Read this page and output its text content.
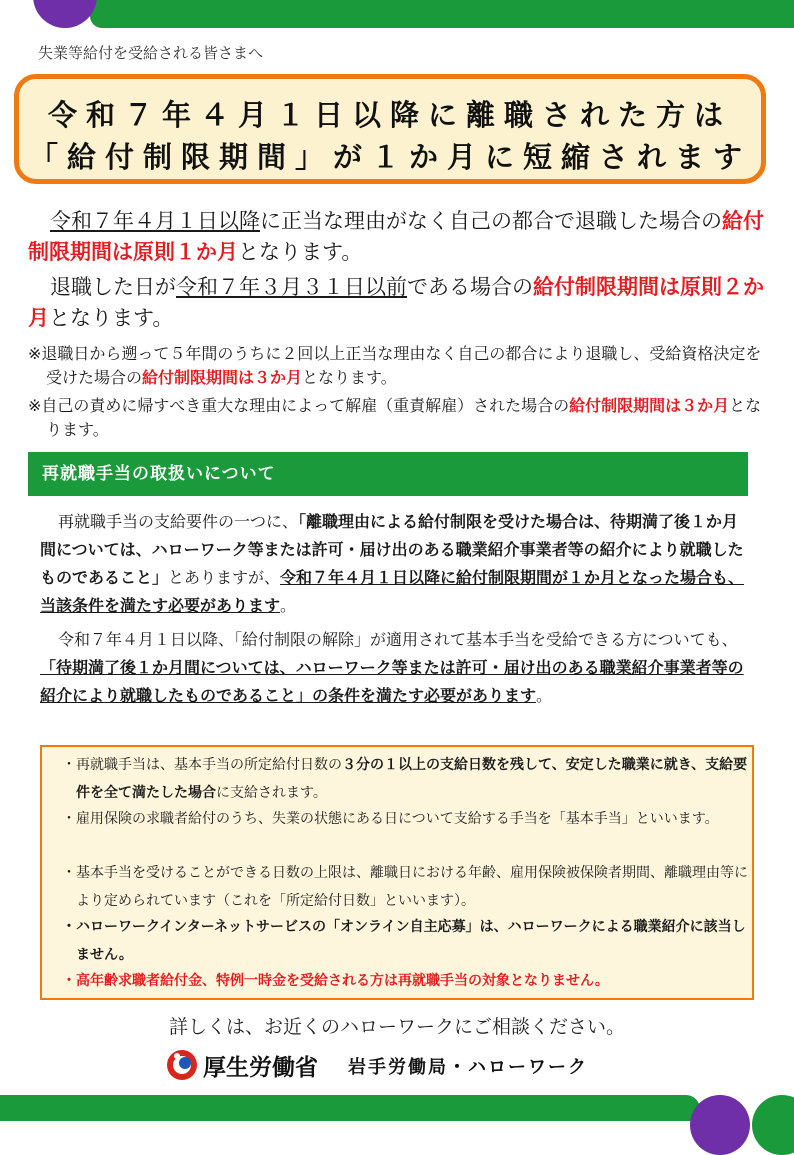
失業等給付を受給される皆さまへ
令和７年４月１日以降に離職された方は
「給付制限期間」が１か月に短縮されます
令和７年４月１日以降に正当な理由がなく自己の都合で退職した場合の給付制限期間は原則１か月となります。
退職した日が令和７年３月３１日以前である場合の給付制限期間は原則２か月となります。
※退職日から遡って５年間のうちに２回以上正当な理由なく自己の都合により退職し、受給資格決定を受けた場合の給付制限期間は３か月となります。
※自己の責めに帰すべき重大な理由によって解雇（重責解雇）された場合の給付制限期間は３か月となります。
再就職手当の取扱いについて
再就職手当の支給要件の一つに、「離職理由による給付制限を受けた場合は、待期満了後１か月間については、ハローワーク等または許可・届け出のある職業紹介事業者等の紹介により就職したものであること」とありますが、令和７年４月１日以降に給付制限期間が１か月となった場合も、当該条件を満たす必要があります。
令和７年４月１日以降、「給付制限の解除」が適用されて基本手当を受給できる方についても、「待期満了後１か月間については、ハローワーク等または許可・届け出のある職業紹介事業者等の紹介により就職したものであること」の条件を満たす必要があります。
・再就職手当は、基本手当の所定給付日数の３分の１以上の支給日数を残して、安定した職業に就き、支給要件を全て満たした場合に支給されます。
・雇用保険の求職者給付のうち、失業の状態にある日について支給する手当を「基本手当」といいます。
・基本手当を受けることができる日数の上限は、離職日における年齢、雇用保険被保険者期間、離職理由等により定められています（これを「所定給付日数」といいます）。
・ハローワークインターネットサービスの「オンライン自主応募」は、ハローワークによる職業紹介に該当しません。
・高年齢求職者給付金、特例一時金を受給される方は再就職手当の対象となりません。
詳しくは、お近くのハローワークにご相談ください。
厚生労働省 岩手労働局・ハローワーク
